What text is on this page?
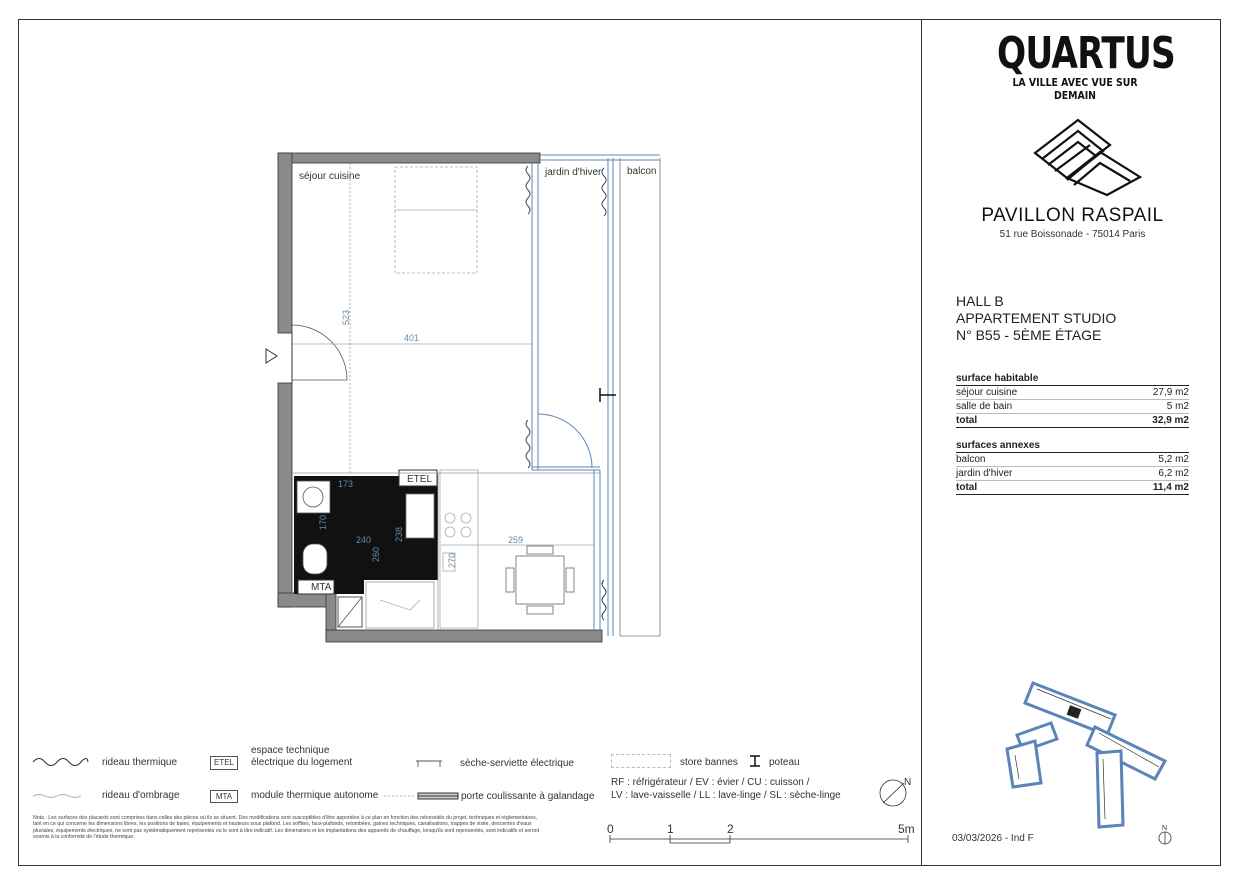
MTA
ETEL
401
523
173
170
240	238
260	270
259
séjour cuisine	jardin d'hiver	balcon
QUARTUS
LA VILLE AVEC VUE SUR DEMAIN
PAVILLON RASPAIL
51 rue Boissonade - 75014 Paris
HALL B
APPARTEMENT STUDIO
N° B55 - 5ÈME ÉTAGE
surface habitable
séjour cuisine	27,9 m2
salle de bain	5 m2
total	32,9 m2
surfaces annexes
balcon	5,2 m2
jardin d'hiver	6,2 m2
total	11,4 m2
N
03/03/2026 - Ind F
rideau thermique
rideau d'ombrage
ETEL
espace technique électrique du logement
MTA	module thermique autonome
sèche-serviette électrique
porte coulissante à galandage
store bannes	poteau
RF : réfrigérateur / EV : évier / CU : cuisson /
LV : lave-vaisselle / LL : lave-linge / SL : sèche-linge
N
Nota : Les surfaces des placards sont comprises dans celles des pièces où ils se situent. Des modifications sont susceptibles d'être apportées à ce plan en fonction des nécessités du projet, techniques et réglementaires, tant en ce qui concerne les dimensions libres, les positions de baies, équipements et hauteurs sous plafond. Les soffites, faux-plafonds, retombées, gaines techniques, canalisations, trappes de visite, descentes d'eaux pluviales, équipements électriques, ne sont pas systématiquement représentés ou le sont à titre indicatif. Les dimensions et les implantations des appareils de chauffage, lorsqu'ils sont représentés, sont indicatifs et seront soumis à la conformité de l'étude thermique.
0	1	2	5m
